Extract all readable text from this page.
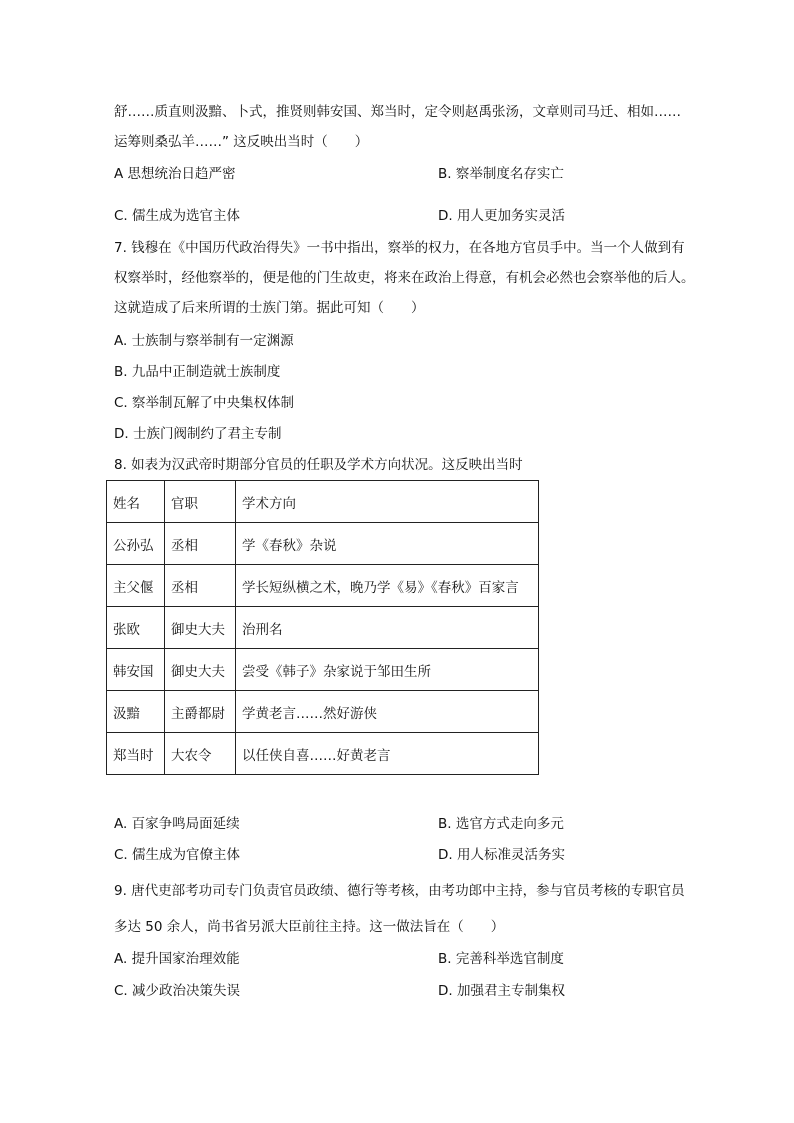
舒……质直则汲黯、卜式，推贤则韩安国、郑当时，定令则赵禹张汤，文章则司马迁、相如……
运筹则桑弘羊……” 这反映出当时（　　）
A 思想统治日趋严密	B. 察举制度名存实亡
C. 儒生成为选官主体	D. 用人更加务实灵活
7. 钱穆在《中国历代政治得失》一书中指出，察举的权力，在各地方官员手中。当一个人做到有
权察举时，经他察举的，便是他的门生故吏，将来在政治上得意，有机会必然也会察举他的后人。
这就造成了后来所谓的士族门第。据此可知（　　）
A. 士族制与察举制有一定渊源
B. 九品中正制造就士族制度
C. 察举制瓦解了中央集权体制
D. 士族门阀制约了君主专制
8. 如表为汉武帝时期部分官员的任职及学术方向状况。这反映出当时
姓名	官职	学术方向
公孙弘	丞相	学《春秋》杂说
主父偃	丞相	学长短纵横之术，晚乃学《易》《春秋》百家言
张欧	御史大夫	治刑名
韩安国	御史大夫	尝受《韩子》杂家说于邹田生所
汲黯	主爵都尉	学黄老言……然好游侠
郑当时	大农令	以任侠自喜……好黄老言
A. 百家争鸣局面延续	B. 选官方式走向多元
C. 儒生成为官僚主体	D. 用人标准灵活务实
9. 唐代吏部考功司专门负责官员政绩、德行等考核，由考功郎中主持，参与官员考核的专职官员
多达 50 余人，尚书省另派大臣前往主持。这一做法旨在（　　）
A. 提升国家治理效能	B. 完善科举选官制度
C. 减少政治决策失误	D. 加强君主专制集权
